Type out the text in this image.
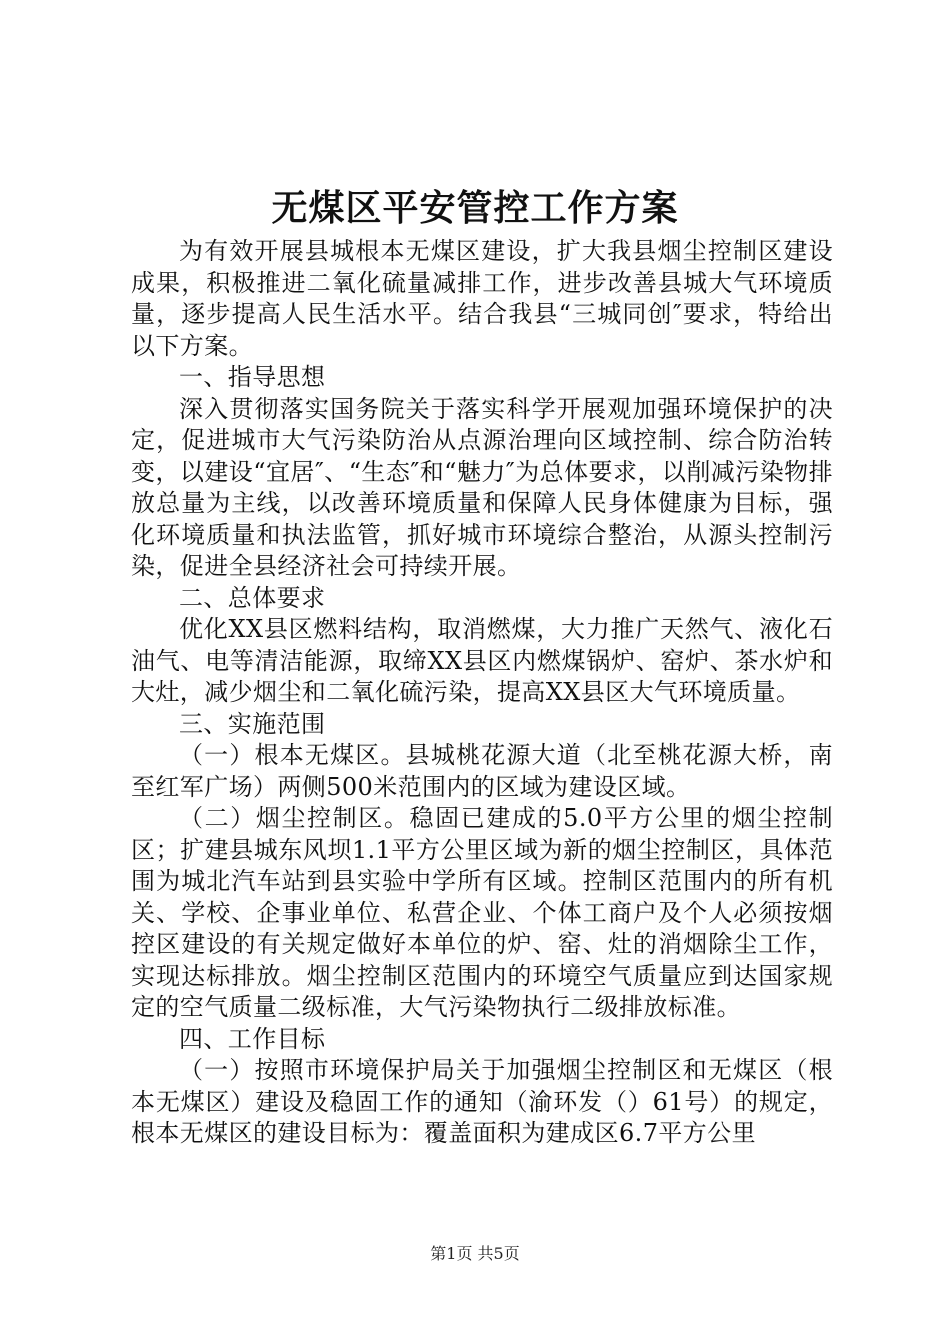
无煤区平安管控工作方案

为有效开展县城根本无煤区建设，扩大我县烟尘控制区建设成果，积极推进二氧化硫量减排工作，进步改善县城大气环境质量，逐步提高人民生活水平。结合我县“三城同创″要求，特给出以下方案。

一、指导思想

深入贯彻落实国务院关于落实科学开展观加强环境保护的决定，促进城市大气污染防治从点源治理向区域控制、综合防治转变，以建设“宜居″、“生态″和“魅力″为总体要求，以削减污染物排放总量为主线，以改善环境质量和保障人民身体健康为目标，强化环境质量和执法监管，抓好城市环境综合整治，从源头控制污染，促进全县经济社会可持续开展。

二、总体要求

优化XX县区燃料结构，取消燃煤，大力推广天然气、液化石油气、电等清洁能源，取缔XX县区内燃煤锅炉、窑炉、茶水炉和大灶，减少烟尘和二氧化硫污染，提高XX县区大气环境质量。

三、实施范围

（一）根本无煤区。县城桃花源大道（北至桃花源大桥，南至红军广场）两侧500米范围内的区域为建设区域。

（二）烟尘控制区。稳固已建成的5.0平方公里的烟尘控制区；扩建县城东风坝1.1平方公里区域为新的烟尘控制区，具体范围为城北汽车站到县实验中学所有区域。控制区范围内的所有机关、学校、企事业单位、私营企业、个体工商户及个人必须按烟控区建设的有关规定做好本单位的炉、窑、灶的消烟除尘工作，实现达标排放。烟尘控制区范围内的环境空气质量应到达国家规定的空气质量二级标准，大气污染物执行二级排放标准。

四、工作目标

（一）按照市环境保护局关于加强烟尘控制区和无煤区（根本无煤区）建设及稳固工作的通知（渝环发（）61号）的规定，根本无煤区的建设目标为：覆盖面积为建成区6.7平方公里

第1页 共5页
